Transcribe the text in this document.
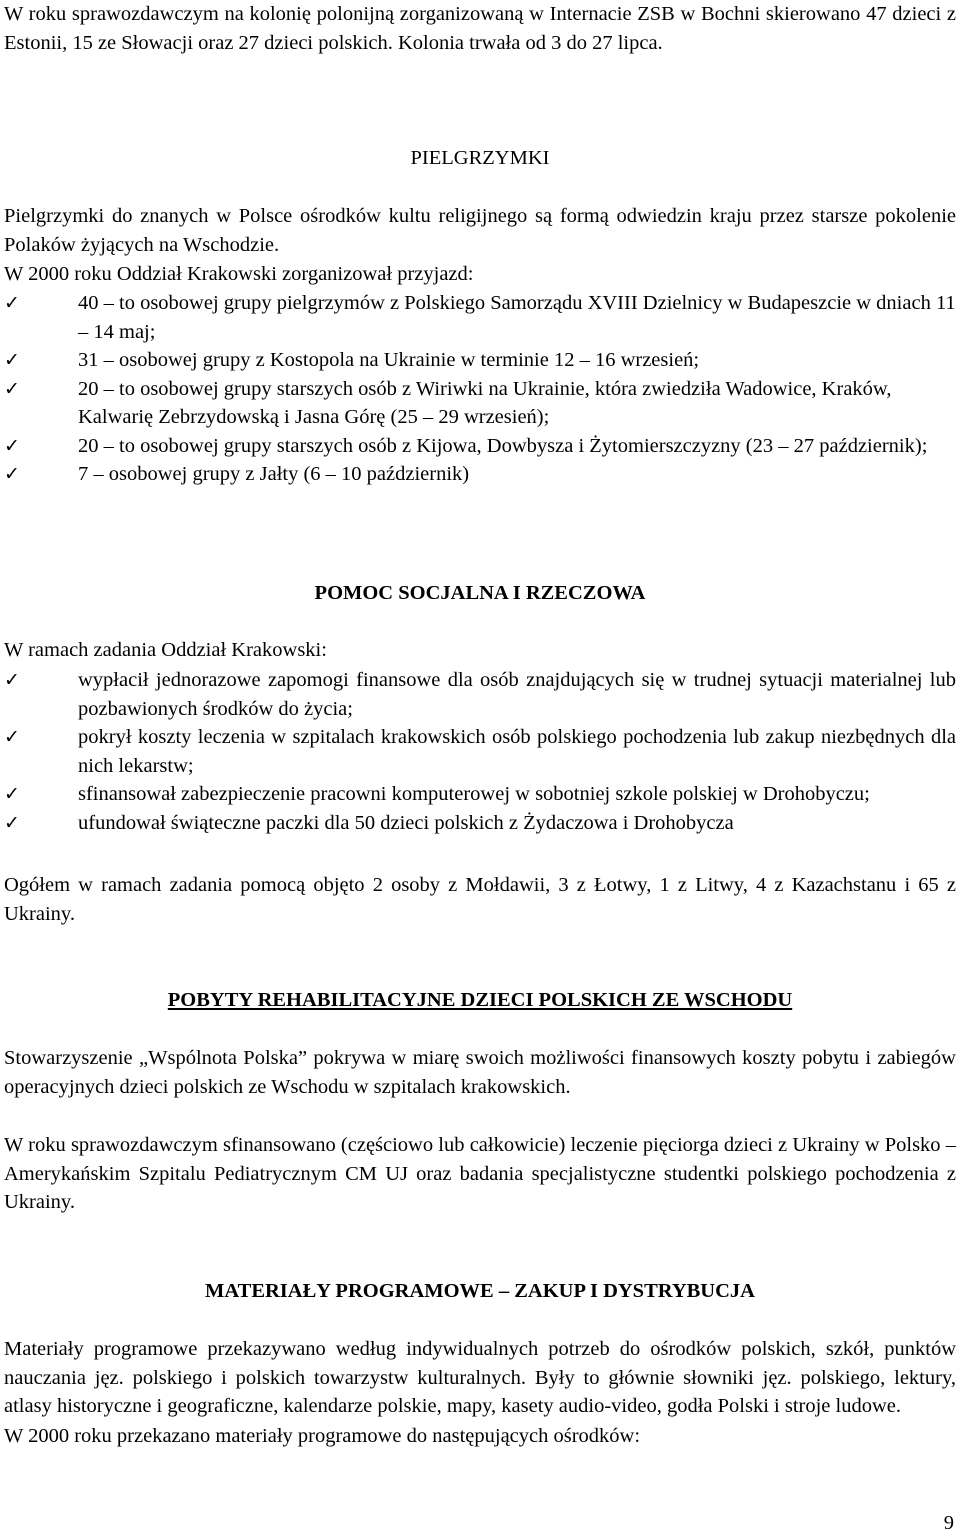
W roku sprawozdawczym na kolonię polonijną zorganizowaną w Internacie ZSB w Bochni skierowano 47 dzieci z Estonii, 15 ze Słowacji oraz 27 dzieci polskich. Kolonia trwała od 3 do 27 lipca.

PIELGRZYMKI

Pielgrzymki do znanych w Polsce ośrodków kultu religijnego są formą odwiedzin kraju przez starsze pokolenie Polaków żyjących na Wschodzie.

W 2000 roku Oddział Krakowski zorganizował przyjazd:

✓	40 – to osobowej grupy pielgrzymów z Polskiego Samorządu XVIII Dzielnicy w Budapeszcie w dniach 11 – 14 maj;
✓	31 – osobowej grupy z Kostopola na Ukrainie w terminie 12 – 16 wrzesień;
✓	20 – to osobowej grupy starszych osób z Wiriwki na Ukrainie, która zwiedziła Wadowice, Kraków, Kalwarię Zebrzydowską i Jasna Górę (25 – 29 wrzesień);
✓	20 – to osobowej grupy starszych osób z Kijowa, Dowbysza i Żytomierszczyzny (23 – 27 październik);
✓	7 – osobowej grupy z Jałty (6 – 10 październik)
POMOC SOCJALNA I RZECZOWA

W ramach zadania Oddział Krakowski:

✓	wypłacił jednorazowe zapomogi finansowe dla osób znajdujących się w trudnej sytuacji materialnej lub pozbawionych środków do życia;
✓	pokrył koszty leczenia w szpitalach krakowskich osób polskiego pochodzenia lub zakup niezbędnych dla nich lekarstw;
✓	sfinansował zabezpieczenie pracowni komputerowej w sobotniej szkole polskiej w Drohobyczu;
✓	ufundował świąteczne paczki dla 50 dzieci polskich z Żydaczowa i Drohobycza

Ogółem w ramach zadania pomocą objęto 2 osoby z Mołdawii, 3 z Łotwy, 1 z Litwy, 4 z Kazachstanu i 65 z Ukrainy.

POBYTY REHABILITACYJNE DZIECI POLSKICH ZE WSCHODU

Stowarzyszenie „Wspólnota Polska” pokrywa w miarę swoich możliwości finansowych koszty pobytu i zabiegów operacyjnych dzieci polskich ze Wschodu w szpitalach krakowskich.

W roku sprawozdawczym sfinansowano (częściowo lub całkowicie) leczenie pięciorga dzieci z Ukrainy w Polsko – Amerykańskim Szpitalu Pediatrycznym CM UJ oraz badania specjalistyczne studentki polskiego pochodzenia z Ukrainy.

MATERIAŁY PROGRAMOWE – ZAKUP I DYSTRYBUCJA

Materiały programowe przekazywano według indywidualnych potrzeb do ośrodków polskich, szkół, punktów nauczania jęz. polskiego i polskich towarzystw kulturalnych. Były to głównie słowniki jęz. polskiego, lektury, atlasy historyczne i geograficzne, kalendarze polskie, mapy, kasety audio-video, godła Polski i stroje ludowe.

W 2000 roku przekazano materiały programowe do następujących ośrodków:

9
